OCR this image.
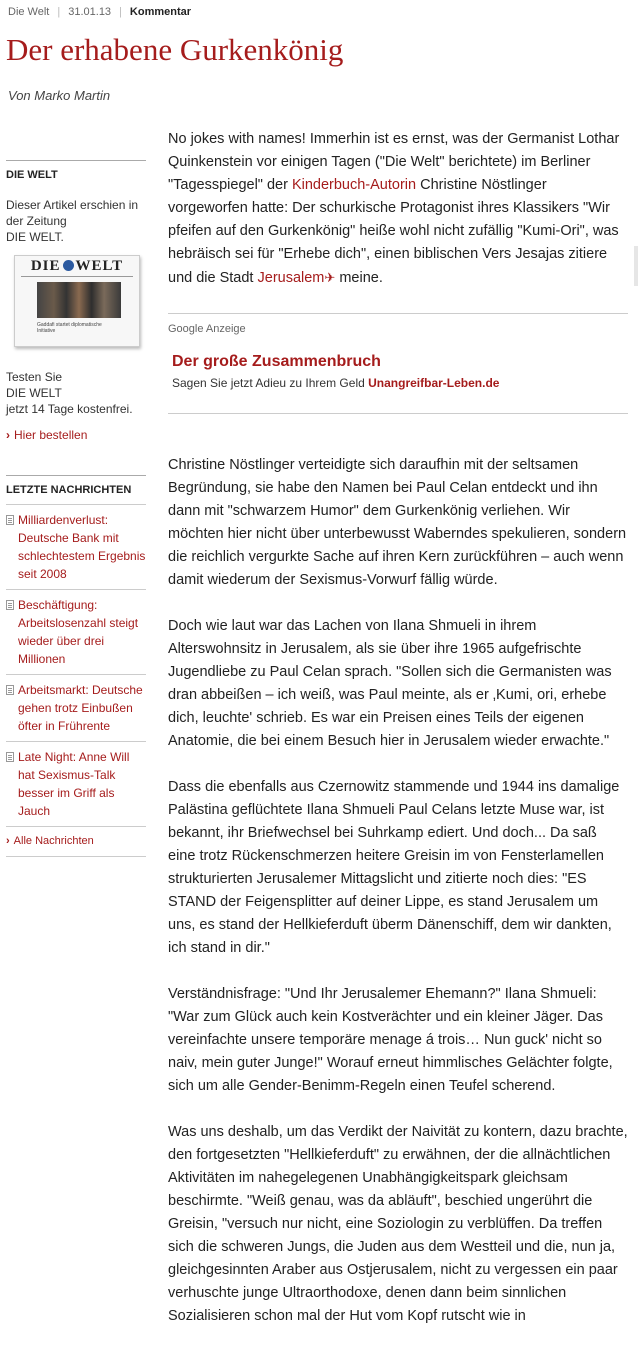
Die Welt | 31.01.13 | Kommentar
Der erhabene Gurkenkönig
Von Marko Martin
DIE WELT
Dieser Artikel erschien in
der Zeitung
DIE WELT.
DIE WELT
Gaddafi startet diplomatische Initiative
Testen Sie
DIE WELT
jetzt 14 Tage kostenfrei.
› Hier bestellen
LETZTE NACHRICHTEN
Milliardenverlust: Deutsche Bank mit schlechtestem Ergebnis seit 2008
Beschäftigung: Arbeitslosenzahl steigt wieder über drei Millionen
Arbeitsmarkt: Deutsche gehen trotz Einbußen öfter in Frührente
Late Night: Anne Will hat Sexismus-Talk besser im Griff als Jauch
› Alle Nachrichten

No jokes with names! Immerhin ist es ernst, was der Germanist Lothar Quinkenstein vor einigen Tagen ("Die Welt" berichtete) im Berliner "Tagesspiegel" der Kinderbuch-Autorin Christine Nöstlinger vorgeworfen hatte: Der schurkische Protagonist ihres Klassikers "Wir pfeifen auf den Gurkenkönig" heiße wohl nicht zufällig "Kumi-Ori", was hebräisch sei für "Erhebe dich", einen biblischen Vers Jesajas zitiere und die Stadt Jerusalem✈ meine.

Google Anzeige
Der große Zusammenbruch
Sagen Sie jetzt Adieu zu Ihrem Geld Unangreifbar-Leben.de

Christine Nöstlinger verteidigte sich daraufhin mit der seltsamen Begründung, sie habe den Namen bei Paul Celan entdeckt und ihn dann mit "schwarzem Humor" dem Gurkenkönig verliehen. Wir möchten hier nicht über unterbewusst Waberndes spekulieren, sondern die reichlich vergurkte Sache auf ihren Kern zurückführen – auch wenn damit wiederum der Sexismus-Vorwurf fällig würde.

Doch wie laut war das Lachen von Ilana Shmueli in ihrem Alterswohnsitz in Jerusalem, als sie über ihre 1965 aufgefrischte Jugendliebe zu Paul Celan sprach. "Sollen sich die Germanisten was dran abbeißen – ich weiß, was Paul meinte, als er ‚Kumi, ori, erhebe dich, leuchte' schrieb. Es war ein Preisen eines Teils der eigenen Anatomie, die bei einem Besuch hier in Jerusalem wieder erwachte."

Dass die ebenfalls aus Czernowitz stammende und 1944 ins damalige Palästina geflüchtete Ilana Shmueli Paul Celans letzte Muse war, ist bekannt, ihr Briefwechsel bei Suhrkamp ediert. Und doch... Da saß eine trotz Rückenschmerzen heitere Greisin im von Fensterlamellen strukturierten Jerusalemer Mittagslicht und zitierte noch dies: "ES STAND der Feigensplitter auf deiner Lippe, es stand Jerusalem um uns, es stand der Hellkieferduft überm Dänenschiff, dem wir dankten, ich stand in dir."

Verständnisfrage: "Und Ihr Jerusalemer Ehemann?" Ilana Shmueli: "War zum Glück auch kein Kostverächter und ein kleiner Jäger. Das vereinfachte unsere temporäre menage á trois… Nun guck' nicht so naiv, mein guter Junge!" Worauf erneut himmlisches Gelächter folgte, sich um alle Gender-Benimm-Regeln einen Teufel scherend.

Was uns deshalb, um das Verdikt der Naivität zu kontern, dazu brachte, den fortgesetzten "Hellkieferduft" zu erwähnen, der die allnächtlichen Aktivitäten im nahegelegenen Unabhängigkeitspark gleichsam beschirmte. "Weiß genau, was da abläuft", beschied ungerührt die Greisin, "versuch nur nicht, eine Soziologin zu verblüffen. Da treffen sich die schweren Jungs, die Juden aus dem Westteil und die, nun ja, gleichgesinnten Araber aus Ostjerusalem, nicht zu vergessen ein paar verhuschte junge Ultraorthodoxe, denen dann beim sinnlichen Sozialisieren schon mal der Hut vom Kopf rutscht wie in
